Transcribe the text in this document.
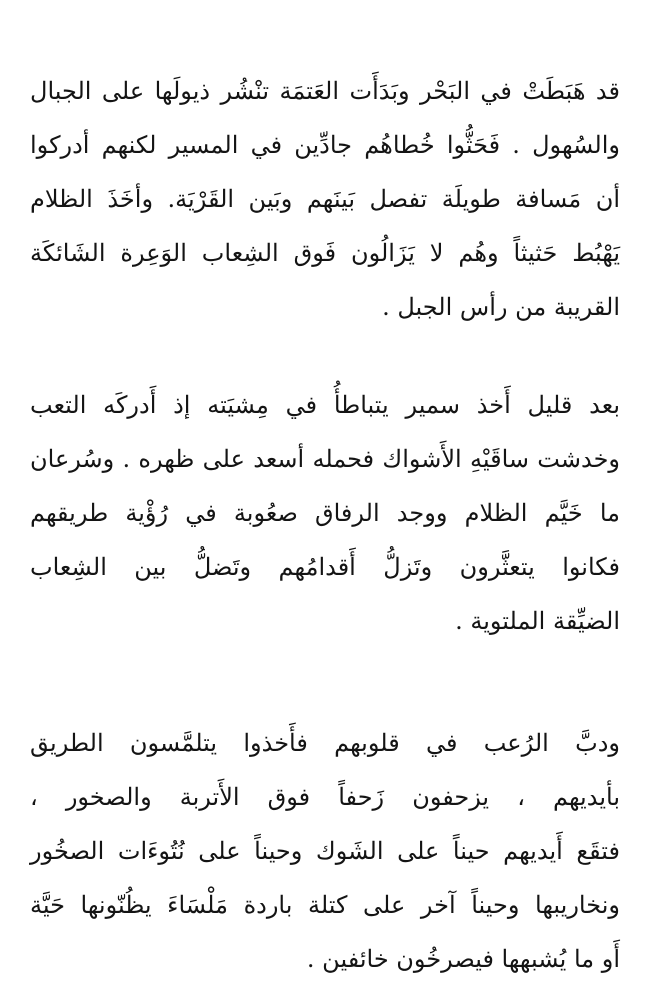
قد هَبَطَتْ في البَحْر وبَدَأَت العَتمَة تنْشُر ذيولَها على الجبال
والسُهول . فَحَثُّوا خُطاهُم جادِّين في المسير لكنهم أدركوا
أن مَسافة طويلَة تفصل بَينَهم وبَين القَرْيَة. وأخَذَ الظلام
يَهْبُط حَثيثاً وهُم لا يَزَالُون فَوق الشِعاب الوَعِرة الشَائكَة
القريبة من رأس الجبل .
بعد قليل أَخذ سمير يتباطأُ في مِشيَته إذ أَدركَه التعب
وخدشت ساقَيْهِ الأَشواك فحمله أسعد على ظهره . وسُرعان
ما خَيَّم الظلام ووجد الرفاق صعُوبة في رُؤْية طريقهم
فكانوا يتعثَّرون وتَزلُّ أَقدامُهم وتَضلُّ بين الشِعاب
الضيِّقة الملتوية .
ودبَّ الرُعب في قلوبهم فأَخذوا يتلمَّسون الطريق
بأيديهم ، يزحفون زَحفاً فوق الأَتربة والصخور ،
فتقَع أَيديهم حيناً على الشَوك وحيناً على نُتُوءَات الصخُور
ونخاريبها وحيناً آخر على كتلة باردة مَلْسَاءَ يظُنّونها حَيَّة
أَو ما يُشبهها فيصرخُون خائفين .
